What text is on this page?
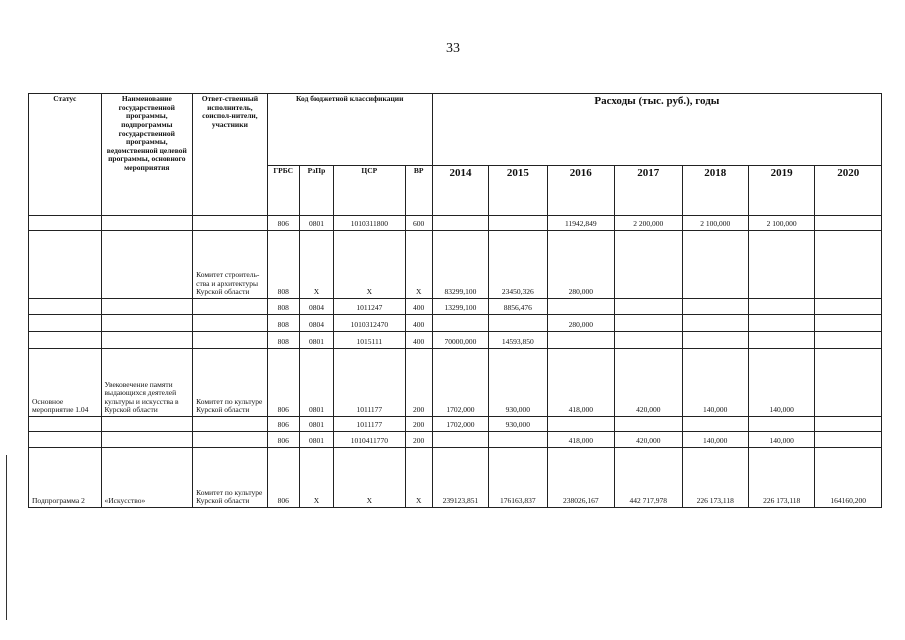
33
Статус	Наименование государственной программы, подпрограммы государственной программы, ведомственной целевой программы, основного мероприятия	Ответ-ственный исполнитель, соиспол-нители, участники	Код бюджетной классификации				Расходы (тыс. руб.), годы						
			ГРБС	РзПр	ЦСР	ВР	2014	2015	2016	2017	2018	2019	2020
			806	0801	1010311800	600			11942,849	2 200,000	2 100,000	2 100,000	
		Комитет строитель-ства и архитектуры Курской области	808	Х	Х	Х	83299,100	23450,326	280,000				
			808	0804	1011247	400	13299,100	8856,476					
			808	0804	1010312470	400			280,000				
			808	0801	1015111	400	70000,000	14593,850					
Основное мероприятие 1.04	Увековечение памяти выдающихся деятелей культуры и искусства в Курской области	Комитет по культуре Курской области	806	0801	1011177	200	1702,000	930,000	418,000	420,000	140,000	140,000	
			806	0801	1011177	200	1702,000	930,000					
			806	0801	1010411770	200			418,000	420,000	140,000	140,000	
Подпрограмма 2	«Искусство»	Комитет по культуре Курской области	806	Х	Х	Х	239123,851	176163,837	238026,167	442 717,978	226 173,118	226 173,118	164160,200
